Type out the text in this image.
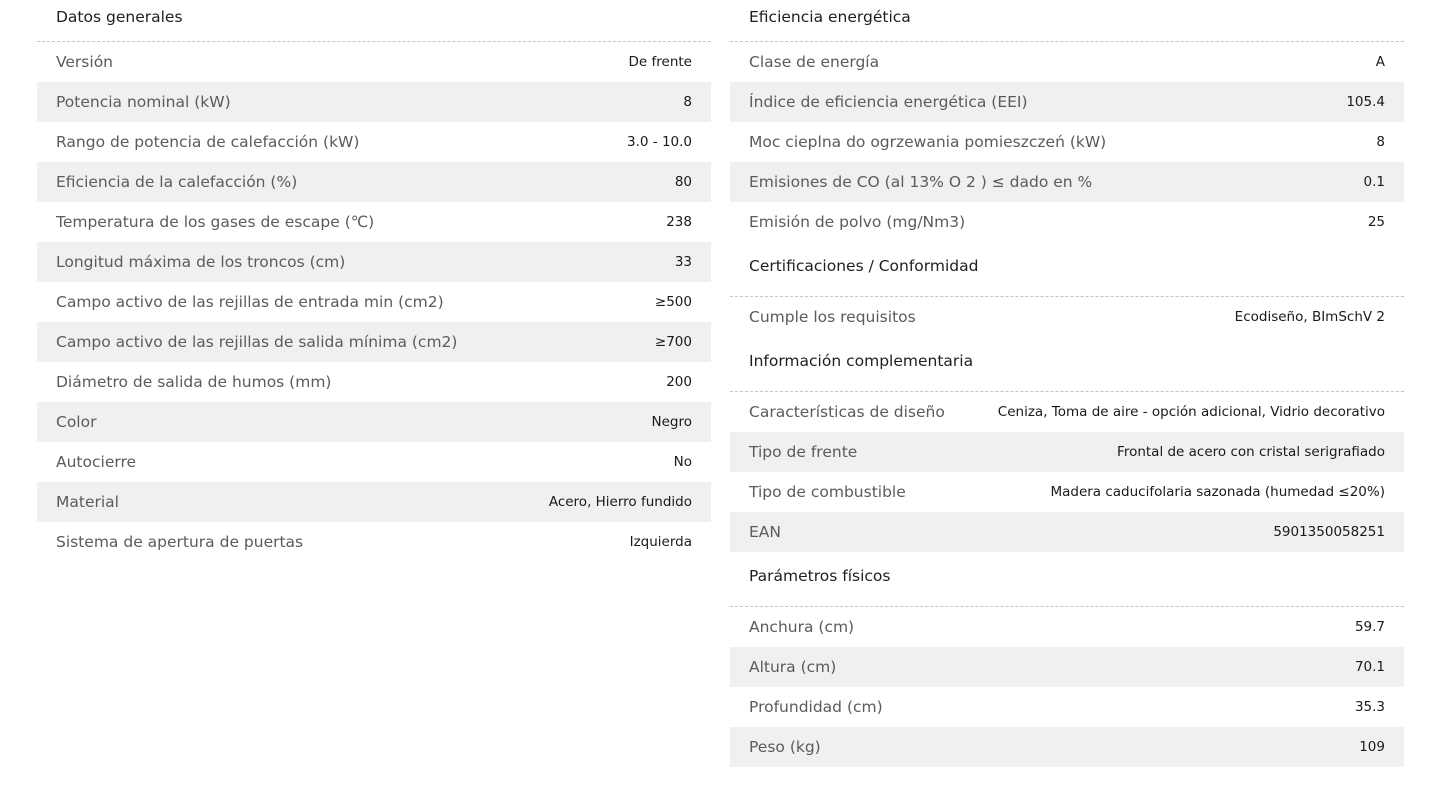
Datos generales
Versión	De frente
Potencia nominal (kW)	8
Rango de potencia de calefacción (kW)	3.0 - 10.0
Eficiencia de la calefacción (%)	80
Temperatura de los gases de escape (℃)	238
Longitud máxima de los troncos (cm)	33
Campo activo de las rejillas de entrada min (cm2)	≥500
Campo activo de las rejillas de salida mínima (cm2)	≥700
Diámetro de salida de humos (mm)	200
Color	Negro
Autocierre	No
Material	Acero, Hierro fundido
Sistema de apertura de puertas	Izquierda
Eficiencia energética
Clase de energía	A
Índice de eficiencia energética (EEI)	105.4
Moc cieplna do ogrzewania pomieszczeń (kW)	8
Emisiones de CO (al 13% O 2 ) ≤ dado en %	0.1
Emisión de polvo (mg/Nm3)	25
Certificaciones / Conformidad
Cumple los requisitos	Ecodiseño, BImSchV 2
Información complementaria
Características de diseño	Ceniza, Toma de aire - opción adicional, Vidrio decorativo
Tipo de frente	Frontal de acero con cristal serigrafiado
Tipo de combustible	Madera caducifolaria sazonada (humedad ≤20%)
EAN	5901350058251
Parámetros físicos
Anchura (cm)	59.7
Altura (cm)	70.1
Profundidad (cm)	35.3
Peso (kg)	109
